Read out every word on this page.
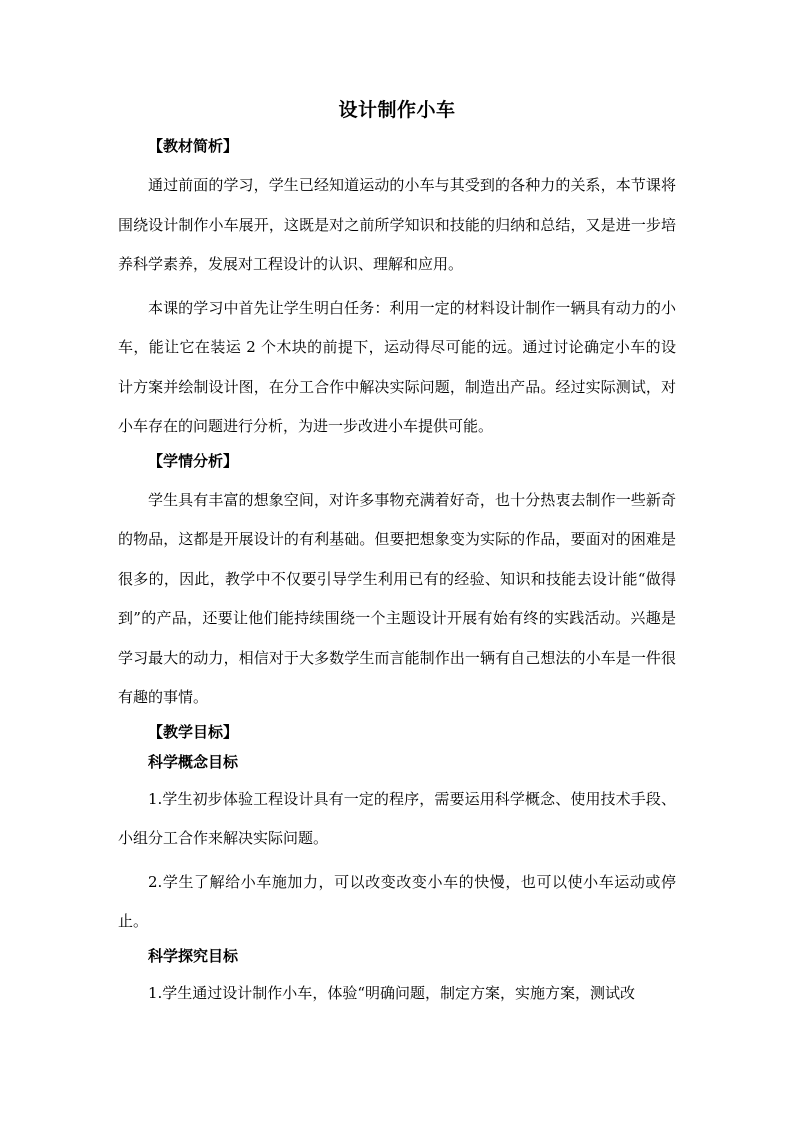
设计制作小车
【教材简析】

通过前面的学习，学生已经知道运动的小车与其受到的各种力的关系，本节课将围绕设计制作小车展开，这既是对之前所学知识和技能的归纳和总结，又是进一步培养科学素养，发展对工程设计的认识、理解和应用。

本课的学习中首先让学生明白任务：利用一定的材料设计制作一辆具有动力的小车，能让它在装运 2 个木块的前提下，运动得尽可能的远。通过讨论确定小车的设计方案并绘制设计图，在分工合作中解决实际问题，制造出产品。经过实际测试，对小车存在的问题进行分析，为进一步改进小车提供可能。

【学情分析】

学生具有丰富的想象空间，对许多事物充满着好奇，也十分热衷去制作一些新奇的物品，这都是开展设计的有利基础。但要把想象变为实际的作品，要面对的困难是很多的，因此，教学中不仅要引导学生利用已有的经验、知识和技能去设计能“做得到”的产品，还要让他们能持续围绕一个主题设计开展有始有终的实践活动。兴趣是学习最大的动力，相信对于大多数学生而言能制作出一辆有自己想法的小车是一件很有趣的事情。

【教学目标】
科学概念目标

1.学生初步体验工程设计具有一定的程序，需要运用科学概念、使用技术手段、小组分工合作来解决实际问题。

2.学生了解给小车施加力，可以改变改变小车的快慢，也可以使小车运动或停止。

科学探究目标

1.学生通过设计制作小车，体验“明确问题，制定方案，实施方案，测试改
